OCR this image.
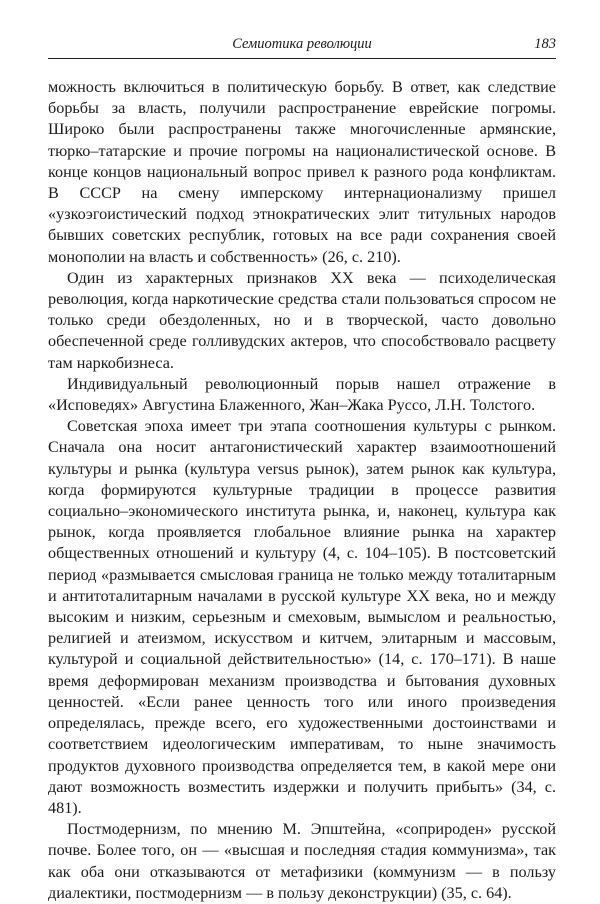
Семиотика революции	183

можность включиться в политическую борьбу. В ответ, как следствие борьбы за власть, получили распространение еврейские погромы. Широко были распространены также многочисленные армянские, тюрко–татарские и прочие погромы на националистической основе. В конце концов национальный вопрос привел к разного рода конфликтам. В СССР на смену имперскому интернационализму пришел «узкоэгоистический подход этнократических элит титульных народов бывших советских республик, готовых на все ради сохранения своей монополии на власть и собственность» (26, с. 210).

Один из характерных признаков ХХ века — психоделическая революция, когда наркотические средства стали пользоваться спросом не только среди обездоленных, но и в творческой, часто довольно обеспеченной среде голливудских актеров, что способствовало расцвету там наркобизнеса.

Индивидуальный революционный порыв нашел отражение в «Исповедях» Августина Блаженного, Жан–Жака Руссо, Л.Н. Толстого.

Советская эпоха имеет три этапа соотношения культуры с рынком. Сначала она носит антагонистический характер взаимоотношений культуры и рынка (культура versus рынок), затем рынок как культура, когда формируются культурные традиции в процессе развития социально–экономического института рынка, и, наконец, культура как рынок, когда проявляется глобальное влияние рынка на характер общественных отношений и культуру (4, с. 104–105). В постсоветский период «размывается смысловая граница не только между тоталитарным и антитоталитарным началами в русской культуре ХХ века, но и между высоким и низким, серьезным и смеховым, вымыслом и реальностью, религией и атеизмом, искусством и китчем, элитарным и массовым, культурой и социальной действительностью» (14, с. 170–171). В наше время деформирован механизм производства и бытования духовных ценностей. «Если ранее ценность того или иного произведения определялась, прежде всего, его художественными достоинствами и соответствием идеологическим императивам, то ныне значимость продуктов духовного производства определяется тем, в какой мере они дают возможность возместить издержки и получить прибыть» (34, с. 481).

Постмодернизм, по мнению М. Эпштейна, «соприроден» русской почве. Более того, он — «высшая и последняя стадия коммунизма», так как оба они отказываются от метафизики (коммунизм — в пользу диалектики, постмодернизм — в пользу деконструкции) (35, с. 64).
